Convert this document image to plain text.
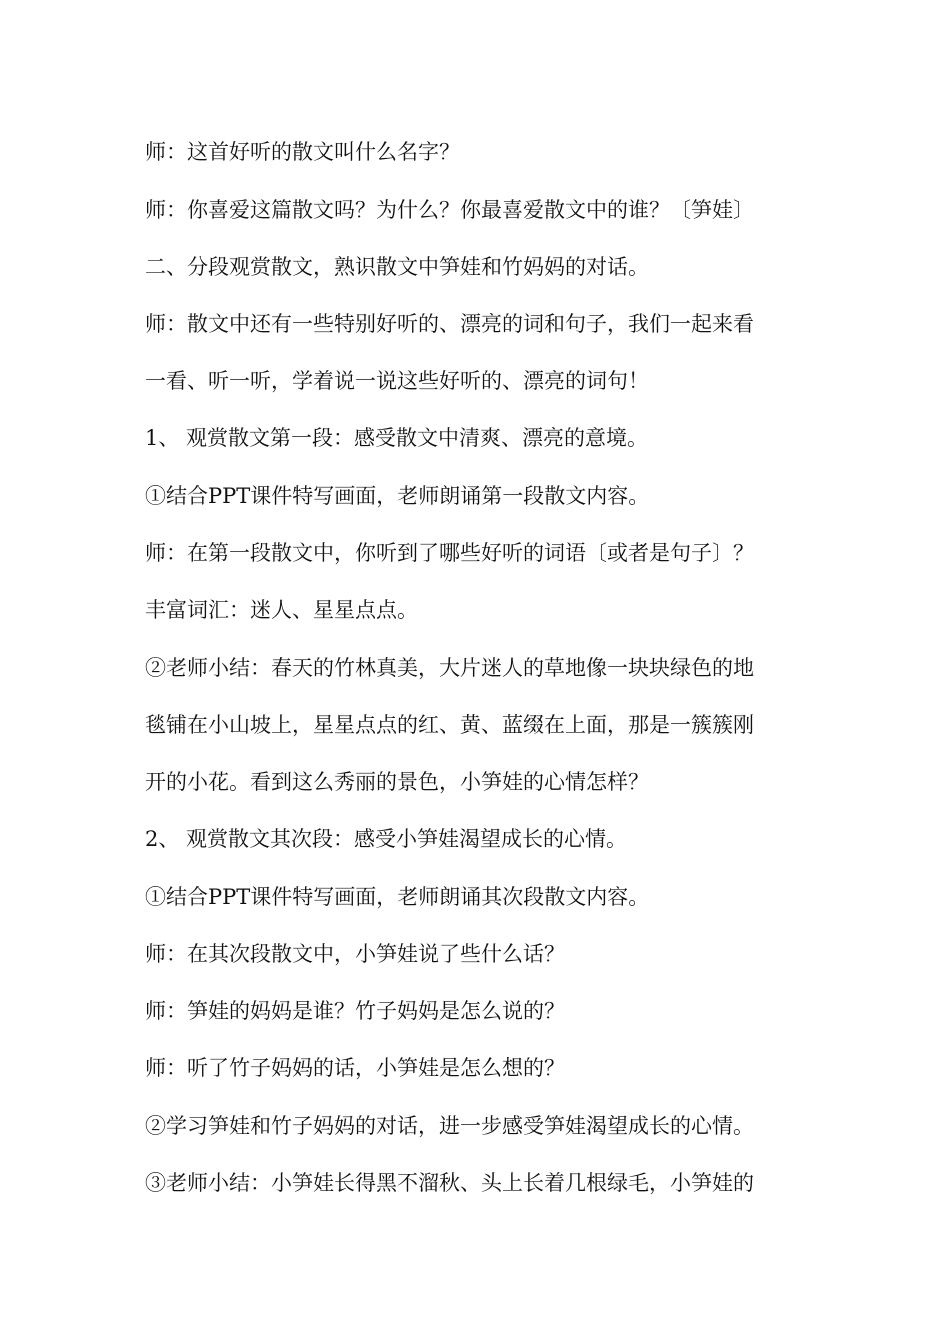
师：这首好听的散文叫什么名字？
师：你喜爱这篇散文吗？为什么？你最喜爱散文中的谁？〔笋娃〕
二、分段观赏散文，熟识散文中笋娃和竹妈妈的对话。
师：散文中还有一些特别好听的、漂亮的词和句子，我们一起来看
一看、听一听，学着说一说这些好听的、漂亮的词句！
1、 观赏散文第一段：感受散文中清爽、漂亮的意境。
①结合PPT课件特写画面，老师朗诵第一段散文内容。
师：在第一段散文中，你听到了哪些好听的词语〔或者是句子〕？
丰富词汇：迷人、星星点点。
②老师小结：春天的竹林真美，大片迷人的草地像一块块绿色的地
毯铺在小山坡上，星星点点的红、黄、蓝缀在上面，那是一簇簇刚
开的小花。看到这么秀丽的景色，小笋娃的心情怎样？
2、 观赏散文其次段：感受小笋娃渴望成长的心情。
①结合PPT课件特写画面，老师朗诵其次段散文内容。
师：在其次段散文中，小笋娃说了些什么话？
师：笋娃的妈妈是谁？竹子妈妈是怎么说的？
师：听了竹子妈妈的话，小笋娃是怎么想的？
②学习笋娃和竹子妈妈的对话，进一步感受笋娃渴望成长的心情。
③老师小结：小笋娃长得黑不溜秋、头上长着几根绿毛，小笋娃的
